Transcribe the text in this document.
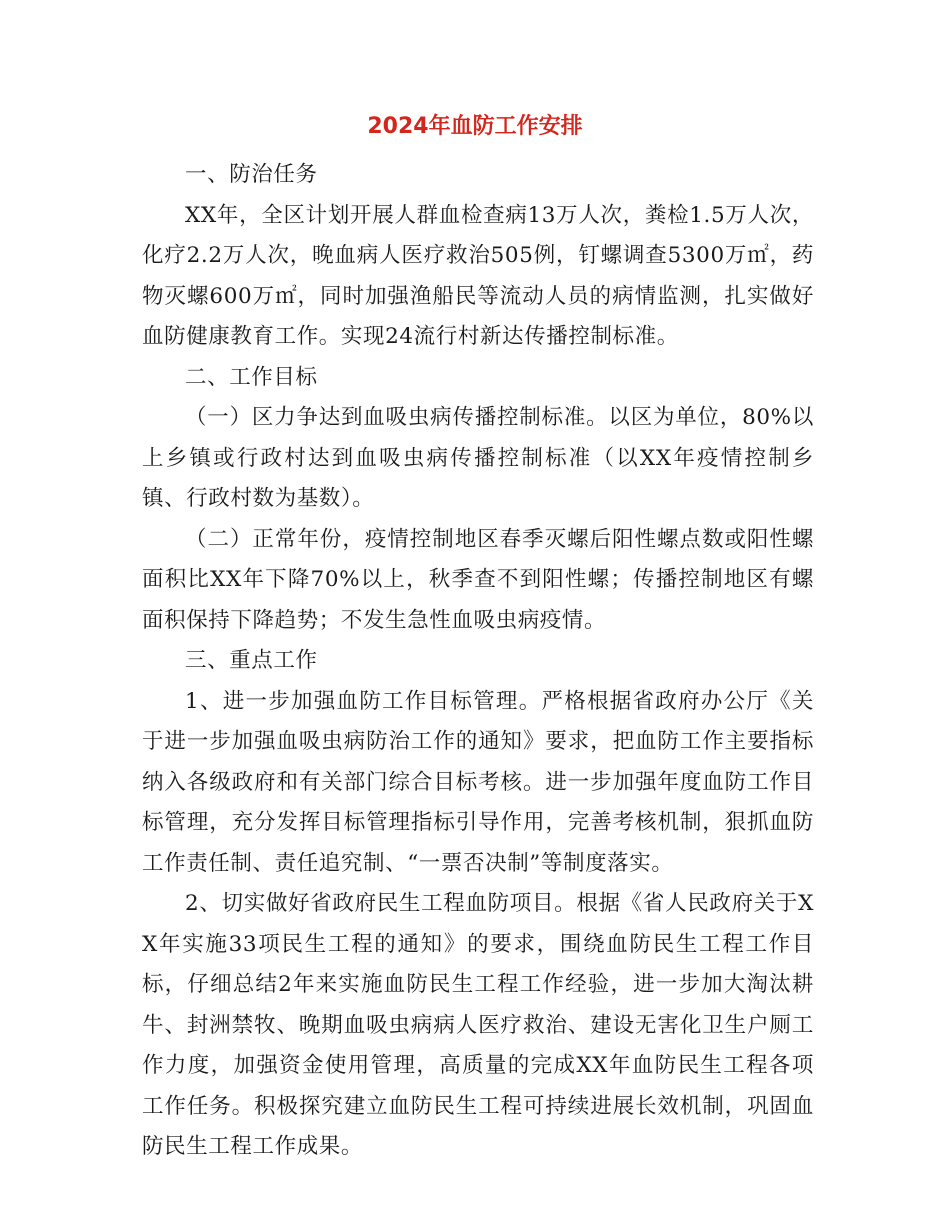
2024年血防工作安排

一、防治任务

XX年，全区计划开展人群血检查病13万人次，粪检1.5万人次，化疗2.2万人次，晚血病人医疗救治505例，钉螺调查5300万㎡，药物灭螺600万㎡，同时加强渔船民等流动人员的病情监测，扎实做好血防健康教育工作。实现24流行村新达传播控制标准。

二、工作目标

（一）区力争达到血吸虫病传播控制标准。以区为单位，80%以上乡镇或行政村达到血吸虫病传播控制标准（以XX年疫情控制乡镇、行政村数为基数）。

（二）正常年份，疫情控制地区春季灭螺后阳性螺点数或阳性螺面积比XX年下降70%以上，秋季查不到阳性螺；传播控制地区有螺面积保持下降趋势；不发生急性血吸虫病疫情。

三、重点工作

1、进一步加强血防工作目标管理。严格根据省政府办公厅《关于进一步加强血吸虫病防治工作的通知》要求，把血防工作主要指标纳入各级政府和有关部门综合目标考核。进一步加强年度血防工作目标管理，充分发挥目标管理指标引导作用，完善考核机制，狠抓血防工作责任制、责任追究制、“一票否决制”等制度落实。

2、切实做好省政府民生工程血防项目。根据《省人民政府关于XX年实施33项民生工程的通知》的要求，围绕血防民生工程工作目标，仔细总结2年来实施血防民生工程工作经验，进一步加大淘汰耕牛、封洲禁牧、晚期血吸虫病病人医疗救治、建设无害化卫生户厕工作力度，加强资金使用管理，高质量的完成XX年血防民生工程各项工作任务。积极探究建立血防民生工程可持续进展长效机制，巩固血防民生工程工作成果。
